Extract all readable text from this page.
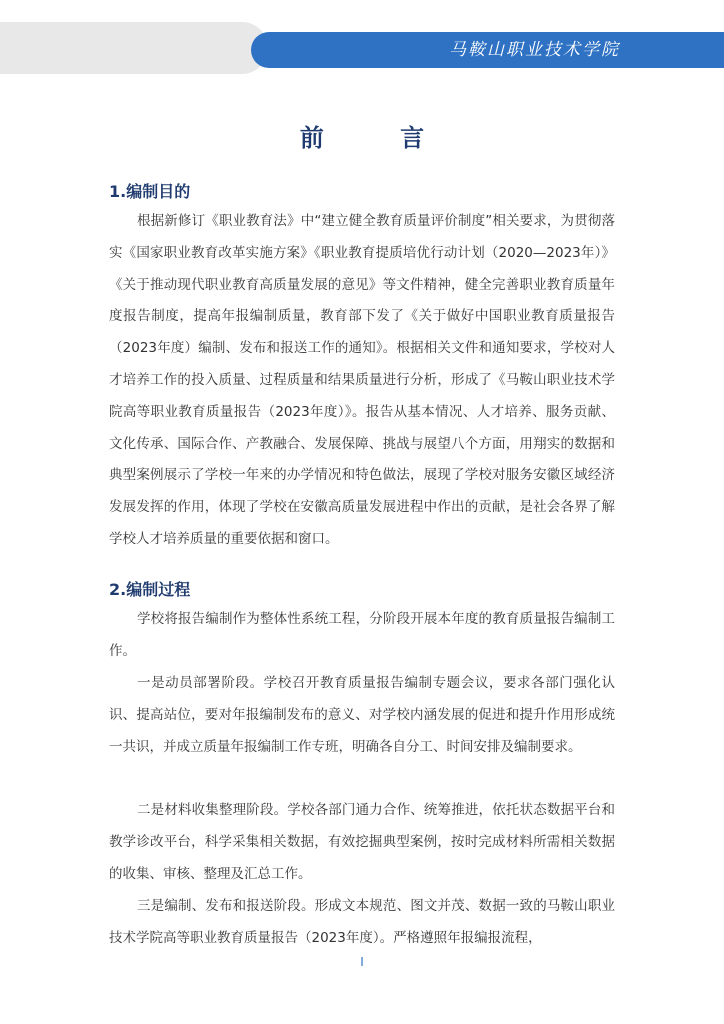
马鞍山职业技术学院
前 言
1.编制目的

根据新修订《职业教育法》中“建立健全教育质量评价制度”相关要求，为贯彻落实《国家职业教育改革实施方案》《职业教育提质培优行动计划（2020—2023年）》《关于推动现代职业教育高质量发展的意见》等文件精神，健全完善职业教育质量年度报告制度，提高年报编制质量，教育部下发了《关于做好中国职业教育质量报告（2023年度）编制、发布和报送工作的通知》。根据相关文件和通知要求，学校对人才培养工作的投入质量、过程质量和结果质量进行分析，形成了《马鞍山职业技术学院高等职业教育质量报告（2023年度）》。报告从基本情况、人才培养、服务贡献、文化传承、国际合作、产教融合、发展保障、挑战与展望八个方面，用翔实的数据和典型案例展示了学校一年来的办学情况和特色做法，展现了学校对服务安徽区域经济发展发挥的作用，体现了学校在安徽高质量发展进程中作出的贡献，是社会各界了解学校人才培养质量的重要依据和窗口。

2.编制过程

学校将报告编制作为整体性系统工程，分阶段开展本年度的教育质量报告编制工作。

一是动员部署阶段。学校召开教育质量报告编制专题会议，要求各部门强化认识、提高站位，要对年报编制发布的意义、对学校内涵发展的促进和提升作用形成统一共识，并成立质量年报编制工作专班，明确各自分工、时间安排及编制要求。

二是材料收集整理阶段。学校各部门通力合作、统筹推进，依托状态数据平台和教学诊改平台，科学采集相关数据，有效挖掘典型案例，按时完成材料所需相关数据的收集、审核、整理及汇总工作。

三是编制、发布和报送阶段。形成文本规范、图文并茂、数据一致的马鞍山职业技术学院高等职业教育质量报告（2023年度）。严格遵照年报编报流程，

I
